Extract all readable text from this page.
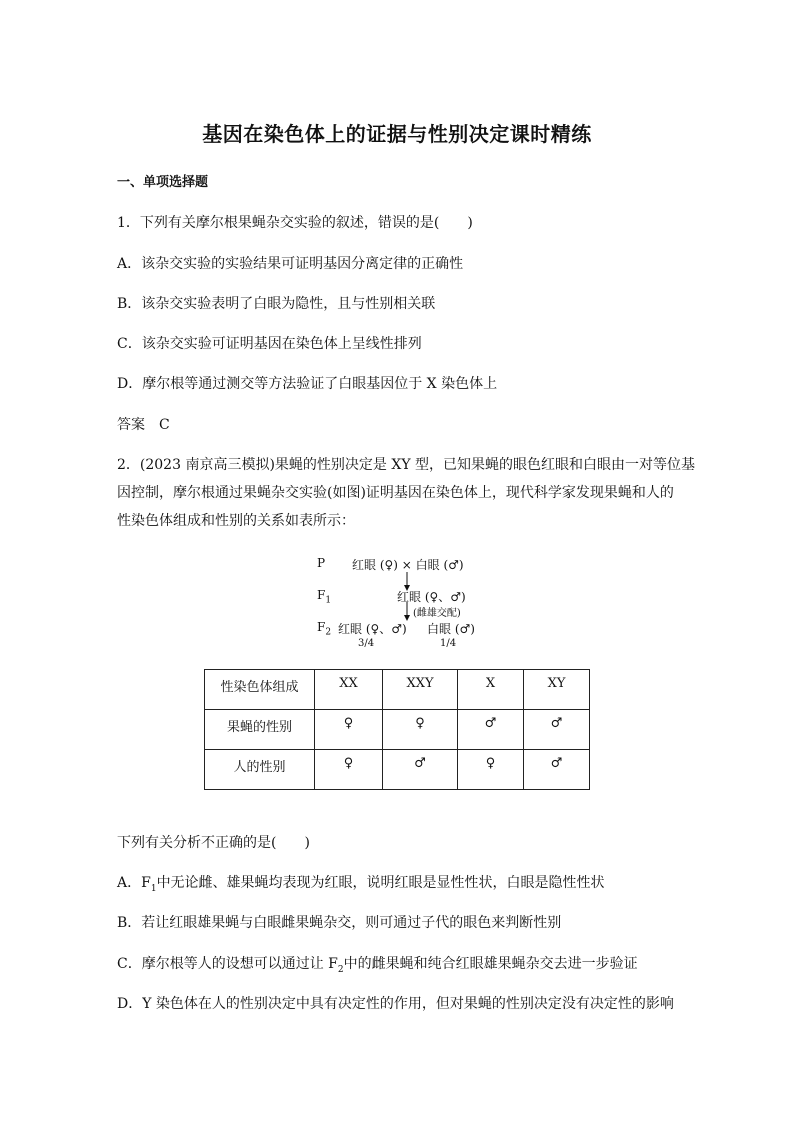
基因在染色体上的证据与性别决定课时精练
一、单项选择题
1．下列有关摩尔根果蝇杂交实验的叙述，错误的是(　　)
A．该杂交实验的实验结果可证明基因分离定律的正确性
B．该杂交实验表明了白眼为隐性，且与性别相关联
C．该杂交实验可证明基因在染色体上呈线性排列
D．摩尔根等通过测交等方法验证了白眼基因位于 X 染色体上
答案　C
2．(2023 南京高三模拟)果蝇的性别决定是 XY 型，已知果蝇的眼色红眼和白眼由一对等位基
因控制，摩尔根通过果蝇杂交实验(如图)证明基因在染色体上，现代科学家发现果蝇和人的
性染色体组成和性别的关系如表所示：
P 红眼 (♀) × 白眼 (♂)
$F_1$	红眼 (♀、♂)
(雌雄交配)
$F_2$ 红眼 (♀、♂) 白眼 (♂)
3/4	1/4
性染色体组成	XX	XXY	X	XY
果蝇的性别	♀	♀	♂	♂
人的性别	♀	♂	♀	♂
下列有关分析不正确的是(　　)
A．$F_1$中无论雌、雄果蝇均表现为红眼，说明红眼是显性性状，白眼是隐性性状
B．若让红眼雄果蝇与白眼雌果蝇杂交，则可通过子代的眼色来判断性别
C．摩尔根等人的设想可以通过让 $F_2$中的雌果蝇和纯合红眼雄果蝇杂交去进一步验证
D．Y 染色体在人的性别决定中具有决定性的作用，但对果蝇的性别决定没有决定性的影响
